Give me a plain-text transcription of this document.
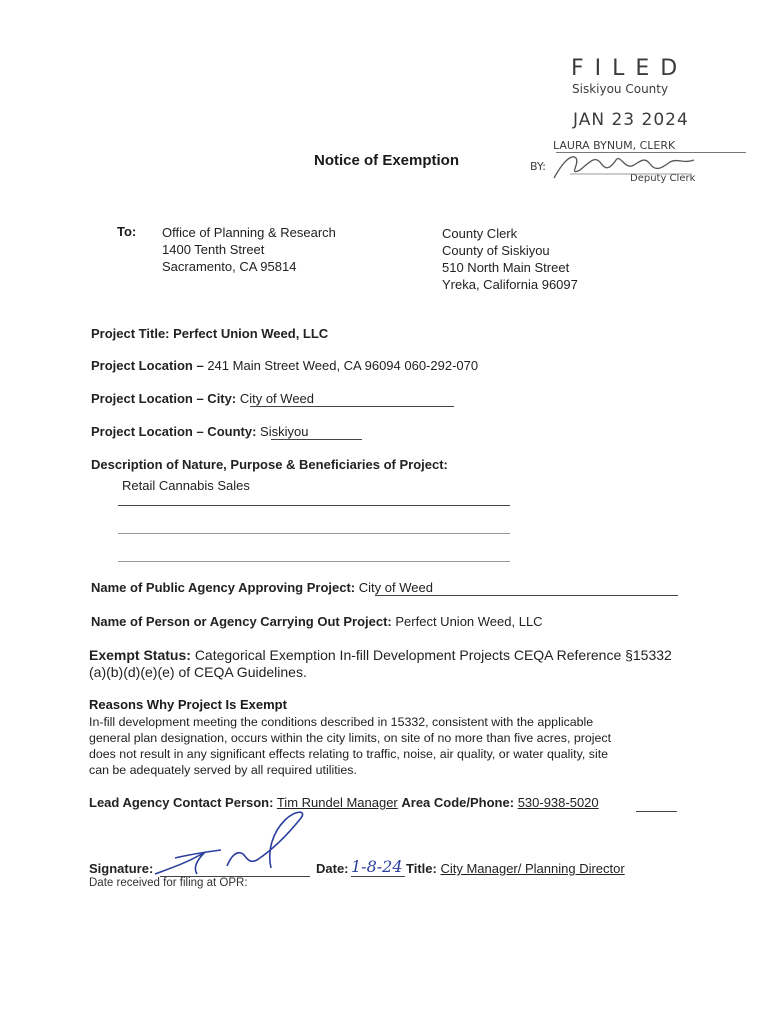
FILED
Siskiyou County
JAN 23 2024
LAURA BYNUM, CLERK
BY:
Deputy Clerk
Notice of Exemption
To: Office of Planning & Research
1400 Tenth Street
Sacramento, CA 95814
County Clerk
County of Siskiyou
510 North Main Street
Yreka, California 96097
Project Title: Perfect Union Weed, LLC
Project Location – 241 Main Street Weed, CA 96094 060-292-070
Project Location – City: City of Weed
Project Location – County: Siskiyou
Description of Nature, Purpose & Beneficiaries of Project:
Retail Cannabis Sales
Name of Public Agency Approving Project: City of Weed
Name of Person or Agency Carrying Out Project: Perfect Union Weed, LLC
Exempt Status: Categorical Exemption In-fill Development Projects CEQA Reference §15332 (a)(b)(d)(e)(e) of CEQA Guidelines.
Reasons Why Project Is Exempt
In-fill development meeting the conditions described in 15332, consistent with the applicable
general plan designation, occurs within the city limits, on site of no more than five acres, project
does not result in any significant effects relating to traffic, noise, air quality, or water quality, site
can be adequately served by all required utilities.
Lead Agency Contact Person: Tim Rundel Manager Area Code/Phone: 530-938-5020
Signature:	Date: 1-8-24 Title: City Manager/ Planning Director
Date received for filing at OPR:
